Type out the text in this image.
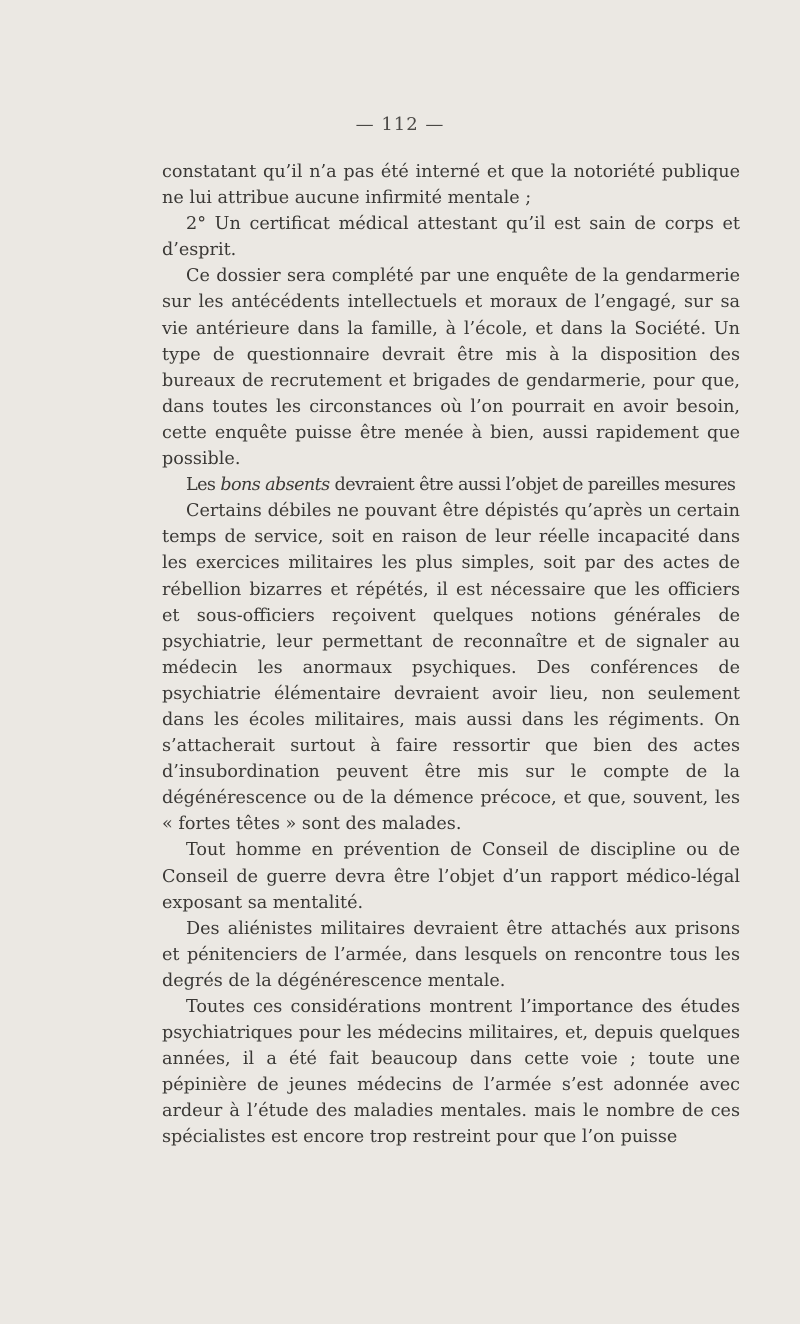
— 112 —

constatant qu’il n’a pas été interné et que la notoriété publique ne lui attribue aucune infirmité mentale ;

2° Un certificat médical attestant qu’il est sain de corps et d’esprit.

Ce dossier sera complété par une enquête de la gendarmerie sur les antécédents intellectuels et moraux de l’engagé, sur sa vie antérieure dans la famille, à l’école, et dans la Société. Un type de questionnaire devrait être mis à la disposition des bureaux de recrutement et brigades de gendarmerie, pour que, dans toutes les circonstances où l’on pourrait en avoir besoin, cette enquête puisse être menée à bien, aussi rapidement que possible.

Les bons absents devraient être aussi l’objet de pareilles mesures

Certains débiles ne pouvant être dépistés qu’après un certain temps de service, soit en raison de leur réelle incapacité dans les exercices militaires les plus simples, soit par des actes de rébellion bizarres et répétés, il est nécessaire que les officiers et sous-officiers reçoivent quelques notions générales de psychiatrie, leur permettant de reconnaître et de signaler au médecin les anormaux psychiques. Des conférences de psychiatrie élémentaire devraient avoir lieu, non seulement dans les écoles militaires, mais aussi dans les régiments. On s’attacherait surtout à faire ressortir que bien des actes d’insubordination peuvent être mis sur le compte de la dégénérescence ou de la démence précoce, et que, souvent, les « fortes têtes » sont des malades.

Tout homme en prévention de Conseil de discipline ou de Conseil de guerre devra être l’objet d’un rapport médico-légal exposant sa mentalité.

Des aliénistes militaires devraient être attachés aux prisons et pénitenciers de l’armée, dans lesquels on rencontre tous les degrés de la dégénérescence mentale.

Toutes ces considérations montrent l’importance des études psychiatriques pour les médecins militaires, et, depuis quelques années, il a été fait beaucoup dans cette voie ; toute une pépinière de jeunes médecins de l’armée s’est adonnée avec ardeur à l’étude des maladies mentales. mais le nombre de ces spécialistes est encore trop restreint pour que l’on puisse
